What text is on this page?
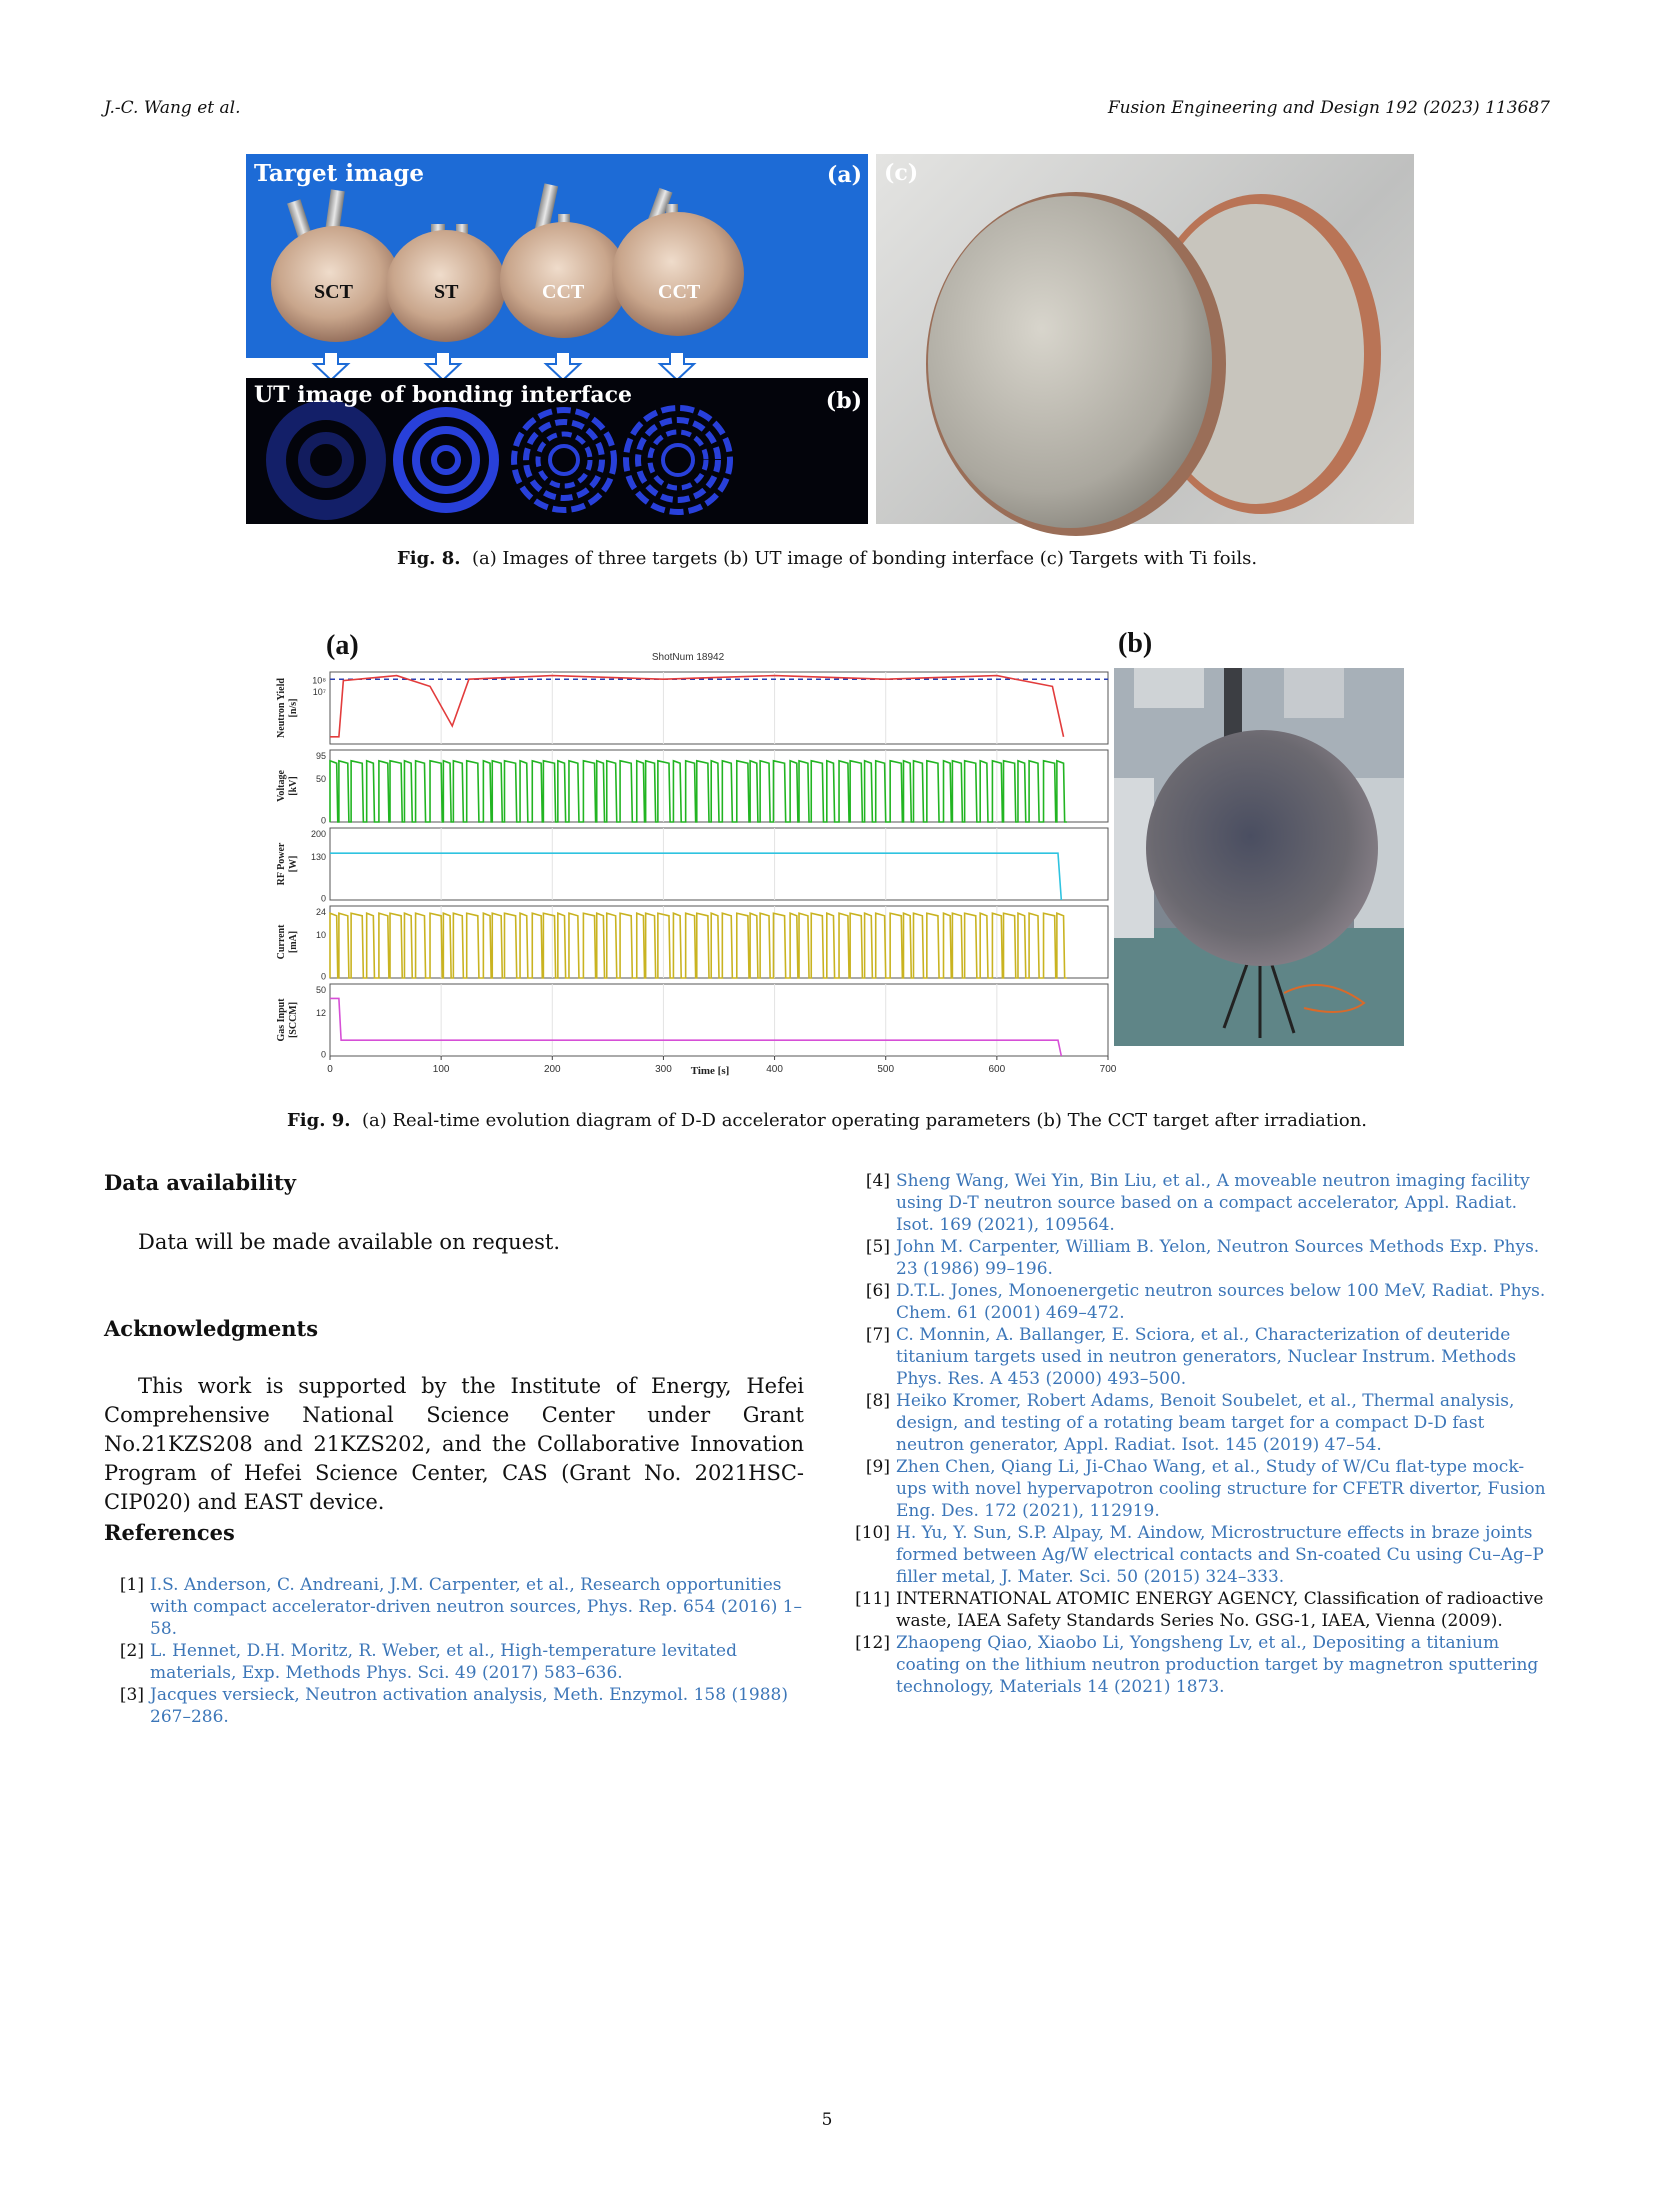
J.-C. Wang et al.	Fusion Engineering and Design 192 (2023) 113687
SCT	ST	CCT	CCT
Target image	(a)
UT image of bonding interface	(b)
(c)
Fig. 8. (a) Images of three targets (b) UT image of bonding interface (c) Targets with Ti foils.
(a)	ShotNum 18942
Neutron Yield[n/s]
10⁸
10⁷
Voltage[kV]
95
50
0
RF Power[W]
200
130
0
Current[mA]
24
10
0
Gas Input[SCCM]
50
12
0
0	100	200	300	400	500	600	700
Time [s]
(b)
Fig. 9. (a) Real-time evolution diagram of D-D accelerator operating parameters (b) The CCT target after irradiation.
Data availability
Data will be made available on request.
Acknowledgments
This work is supported by the Institute of Energy, Hefei Comprehensive National Science Center under Grant No.21KZS208 and 21KZS202, and the Collaborative Innovation Program of Hefei Science Center, CAS (Grant No. 2021HSC-CIP020) and EAST device.
References
[1] I.S. Anderson, C. Andreani, J.M. Carpenter, et al., Research opportunities with compact accelerator-driven neutron sources, Phys. Rep. 654 (2016) 1–58.
[2] L. Hennet, D.H. Moritz, R. Weber, et al., High-temperature levitated materials, Exp. Methods Phys. Sci. 49 (2017) 583–636.
[3] Jacques versieck, Neutron activation analysis, Meth. Enzymol. 158 (1988) 267–286.
[4] Sheng Wang, Wei Yin, Bin Liu, et al., A moveable neutron imaging facility using D-T neutron source based on a compact accelerator, Appl. Radiat. Isot. 169 (2021), 109564.
[5] John M. Carpenter, William B. Yelon, Neutron Sources Methods Exp. Phys. 23 (1986) 99–196.
[6] D.T.L. Jones, Monoenergetic neutron sources below 100 MeV, Radiat. Phys. Chem. 61 (2001) 469–472.
[7] C. Monnin, A. Ballanger, E. Sciora, et al., Characterization of deuteride titanium targets used in neutron generators, Nuclear Instrum. Methods Phys. Res. A 453 (2000) 493–500.
[8] Heiko Kromer, Robert Adams, Benoit Soubelet, et al., Thermal analysis, design, and testing of a rotating beam target for a compact D-D fast neutron generator, Appl. Radiat. Isot. 145 (2019) 47–54.
[9] Zhen Chen, Qiang Li, Ji-Chao Wang, et al., Study of W/Cu flat-type mock-ups with novel hypervapotron cooling structure for CFETR divertor, Fusion Eng. Des. 172 (2021), 112919.
[10] H. Yu, Y. Sun, S.P. Alpay, M. Aindow, Microstructure effects in braze joints formed between Ag/W electrical contacts and Sn-coated Cu using Cu–Ag–P filler metal, J. Mater. Sci. 50 (2015) 324–333.
[11] INTERNATIONAL ATOMIC ENERGY AGENCY, Classification of radioactive waste, IAEA Safety Standards Series No. GSG-1, IAEA, Vienna (2009).
[12] Zhaopeng Qiao, Xiaobo Li, Yongsheng Lv, et al., Depositing a titanium coating on the lithium neutron production target by magnetron sputtering technology, Materials 14 (2021) 1873.
5
